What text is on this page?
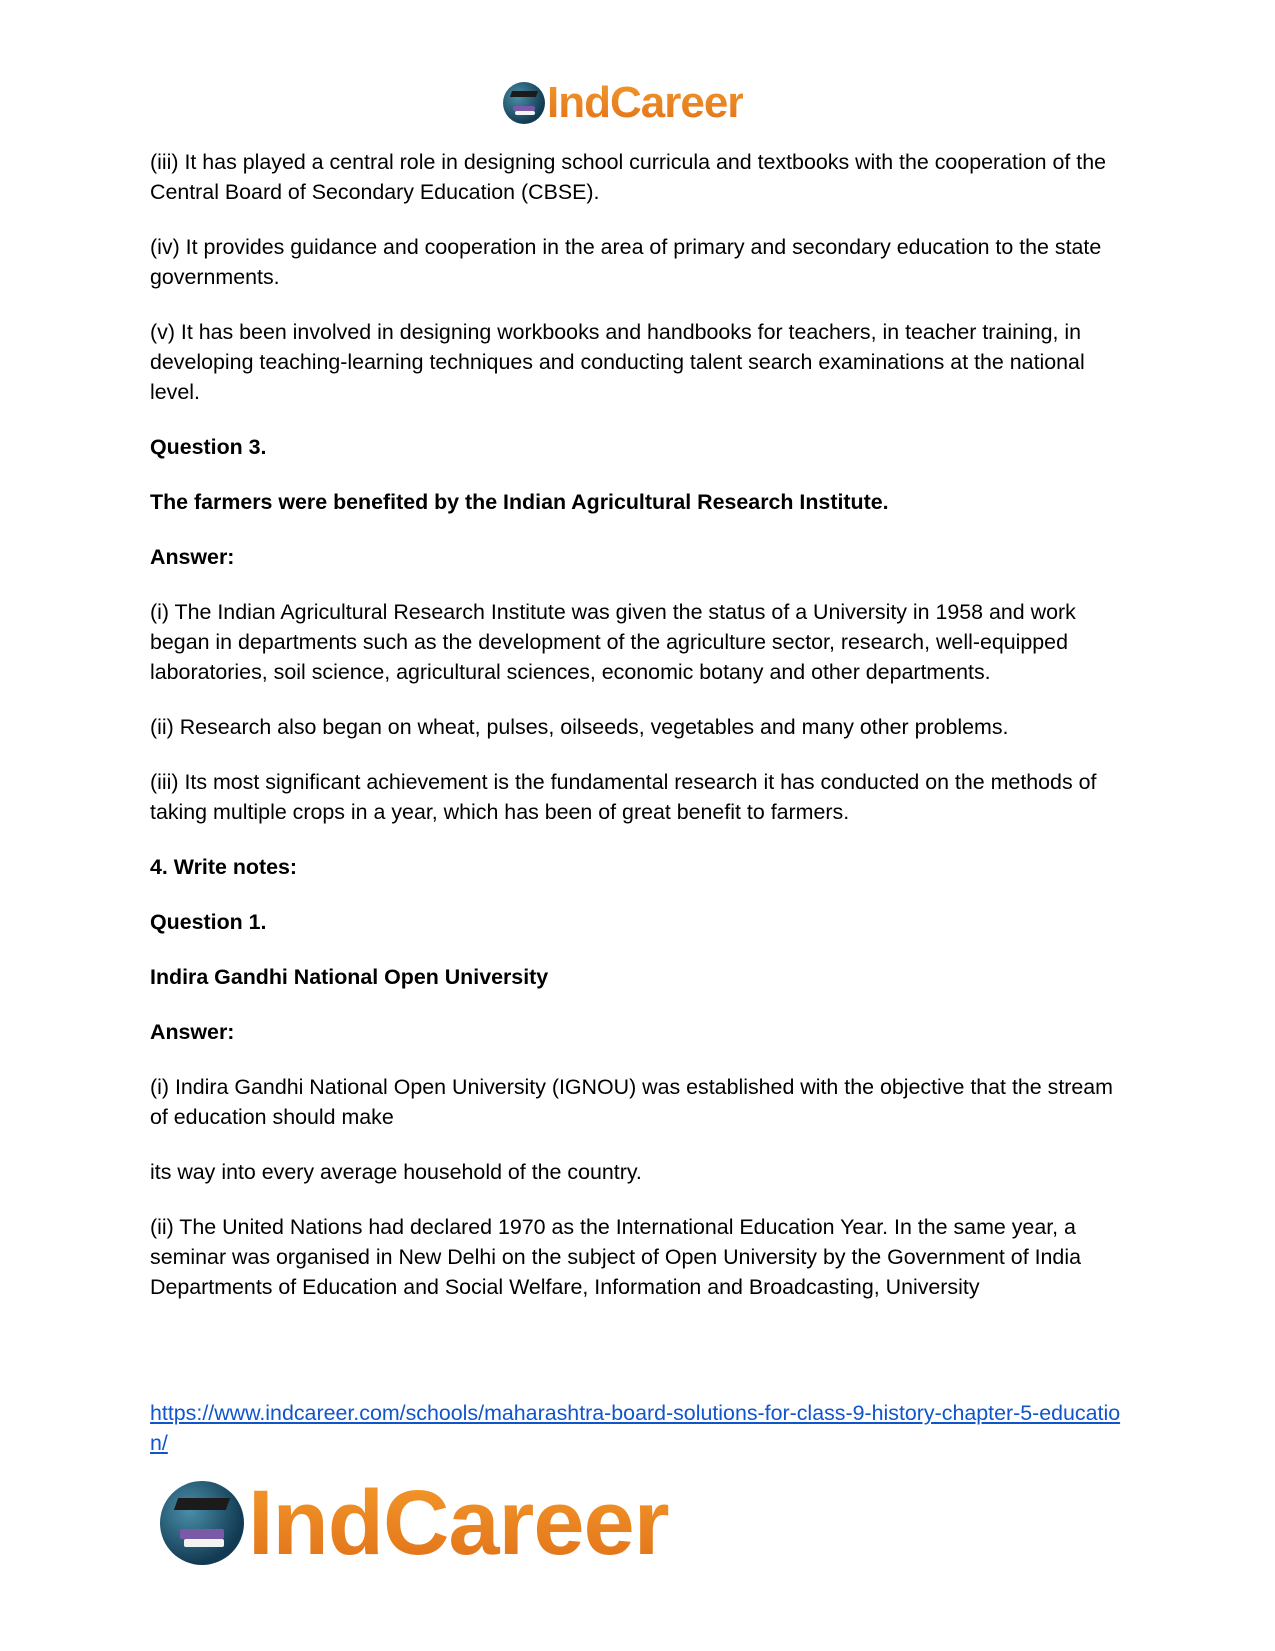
IndCareer

(iii) It has played a central role in designing school curricula and textbooks with the cooperation of the Central Board of Secondary Education (CBSE).

(iv) It provides guidance and cooperation in the area of primary and secondary education to the state governments.

(v) It has been involved in designing workbooks and handbooks for teachers, in teacher training, in developing teaching-learning techniques and conducting talent search examinations at the national level.

Question 3.

The farmers were benefited by the Indian Agricultural Research Institute.

Answer:

(i) The Indian Agricultural Research Institute was given the status of a University in 1958 and work began in departments such as the development of the agriculture sector, research, well-equipped laboratories, soil science, agricultural sciences, economic botany and other departments.

(ii) Research also began on wheat, pulses, oilseeds, vegetables and many other problems.

(iii) Its most significant achievement is the fundamental research it has conducted on the methods of taking multiple crops in a year, which has been of great benefit to farmers.

4. Write notes:

Question 1.

Indira Gandhi National Open University

Answer:

(i) Indira Gandhi National Open University (IGNOU) was established with the objective that the stream of education should make

its way into every average household of the country.

(ii) The United Nations had declared 1970 as the International Education Year. In the same year, a seminar was organised in New Delhi on the subject of Open University by the Government of India Departments of Education and Social Welfare, Information and Broadcasting, University

https://www.indcareer.com/schools/maharashtra-board-solutions-for-class-9-history-chapter-5-education/
IndCareer
